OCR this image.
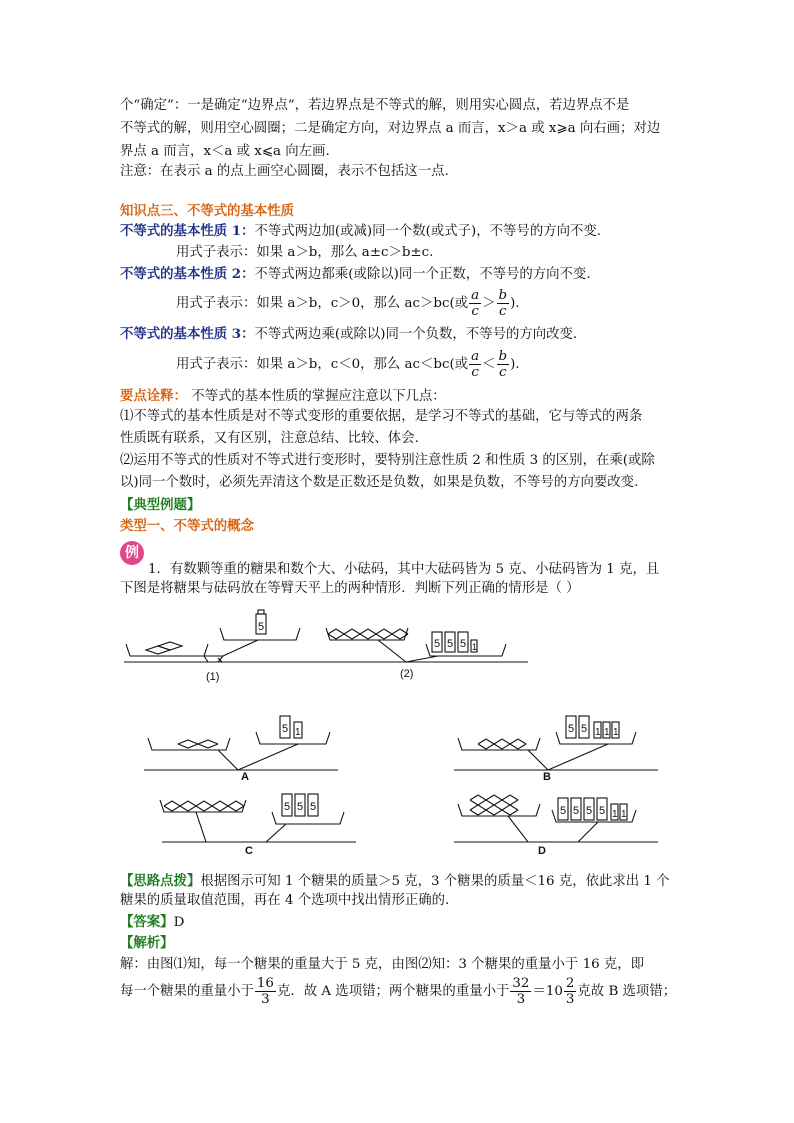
个“确定”：一是确定“边界点”，若边界点是不等式的解，则用实心圆点，若边界点不是
不等式的解，则用空心圆圈；二是确定方向，对边界点 a 而言，x＞a 或 x⩾a 向右画；对边
界点 a 而言，x＜a 或 x⩽a 向左画.
注意：在表示 a 的点上画空心圆圈，表示不包括这一点.
知识点三、不等式的基本性质
不等式的基本性质 1：不等式两边加(或减)同一个数(或式子)，不等号的方向不变.
用式子表示：如果 a＞b，那么 a±c＞b±c.
不等式的基本性质 2：不等式两边都乘(或除以)同一个正数，不等号的方向不变.
用式子表示：如果 a＞b，c＞0，那么 ac＞bc(或 $\frac{a}{c} > \frac{b}{c}$ ).
不等式的基本性质 3：不等式两边乘(或除以)同一个负数，不等号的方向改变.
用式子表示：如果 a＞b，c＜0，那么 ac＜bc(或 $\frac{a}{c} < \frac{b}{c}$ ).
要点诠释： 不等式的基本性质的掌握应注意以下几点：
⑴不等式的基本性质是对不等式变形的重要依据，是学习不等式的基础，它与等式的两条
性质既有联系，又有区别，注意总结、比较、体会.
⑵运用不等式的性质对不等式进行变形时，要特别注意性质 2 和性质 3 的区别，在乘(或除
以)同一个数时，必须先弄清这个数是正数还是负数，如果是负数，不等号的方向要改变.
【典型例题】
类型一、不等式的概念
例
1．有数颗等重的糖果和数个大、小砝码，其中大砝码皆为 5 克、小砝码皆为 1 克，且
下图是将糖果与砝码放在等臂天平上的两种情形．判断下列正确的情形是（ ）
5
5 5 5 1
5 1	5 5 1 1 1
5 5 5	5 5 5 5 1 1
(1)	(2)
A	B
C	D
【思路点拨】根据图示可知 1 个糖果的质量＞5 克，3 个糖果的质量＜16 克，依此求出 1 个
糖果的质量取值范围，再在 4 个选项中找出情形正确的.
【答案】D
【解析】
解：由图⑴知，每一个糖果的重量大于 5 克，由图⑵知：3 个糖果的重量小于 16 克，即
每一个糖果的重量小于 $\frac{16}{3}$ 克．故 A 选项错；两个糖果的重量小于 $\frac{32}{3} =10 \frac{2}{3}$ 克故 B 选项错；
